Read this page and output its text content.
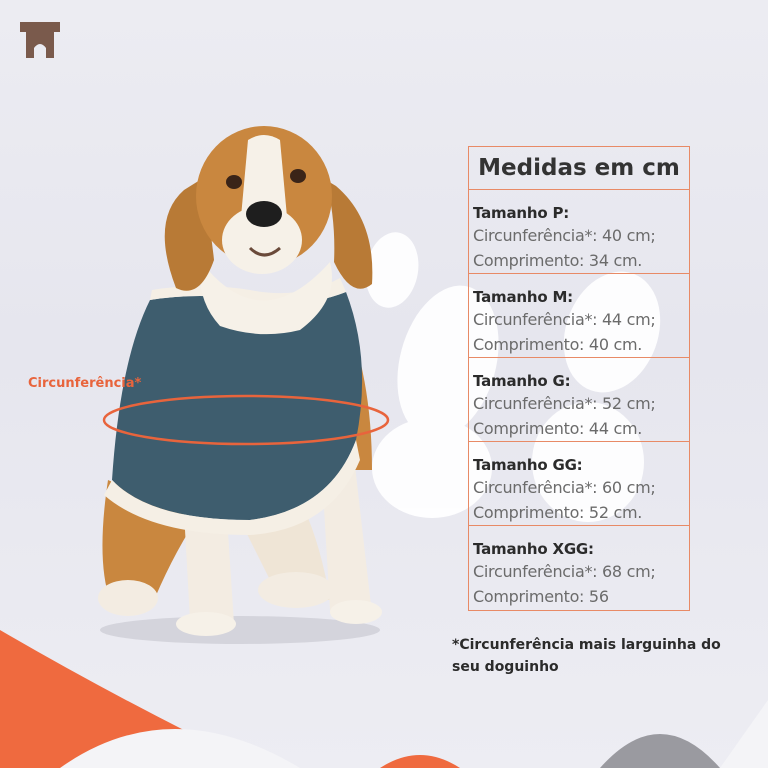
Circunferência*
Medidas em cm
Tamanho P:
Circunferência*: 40 cm;
Comprimento: 34 cm.
Tamanho M:
Circunferência*: 44 cm;
Comprimento: 40 cm.
Tamanho G:
Circunferência*: 52 cm;
Comprimento: 44 cm.
Tamanho GG:
Circunferência*: 60 cm;
Comprimento: 52 cm.
Tamanho XGG:
Circunferência*: 68 cm;
Comprimento: 56
*Circunferência mais larguinha do seu doguinho
